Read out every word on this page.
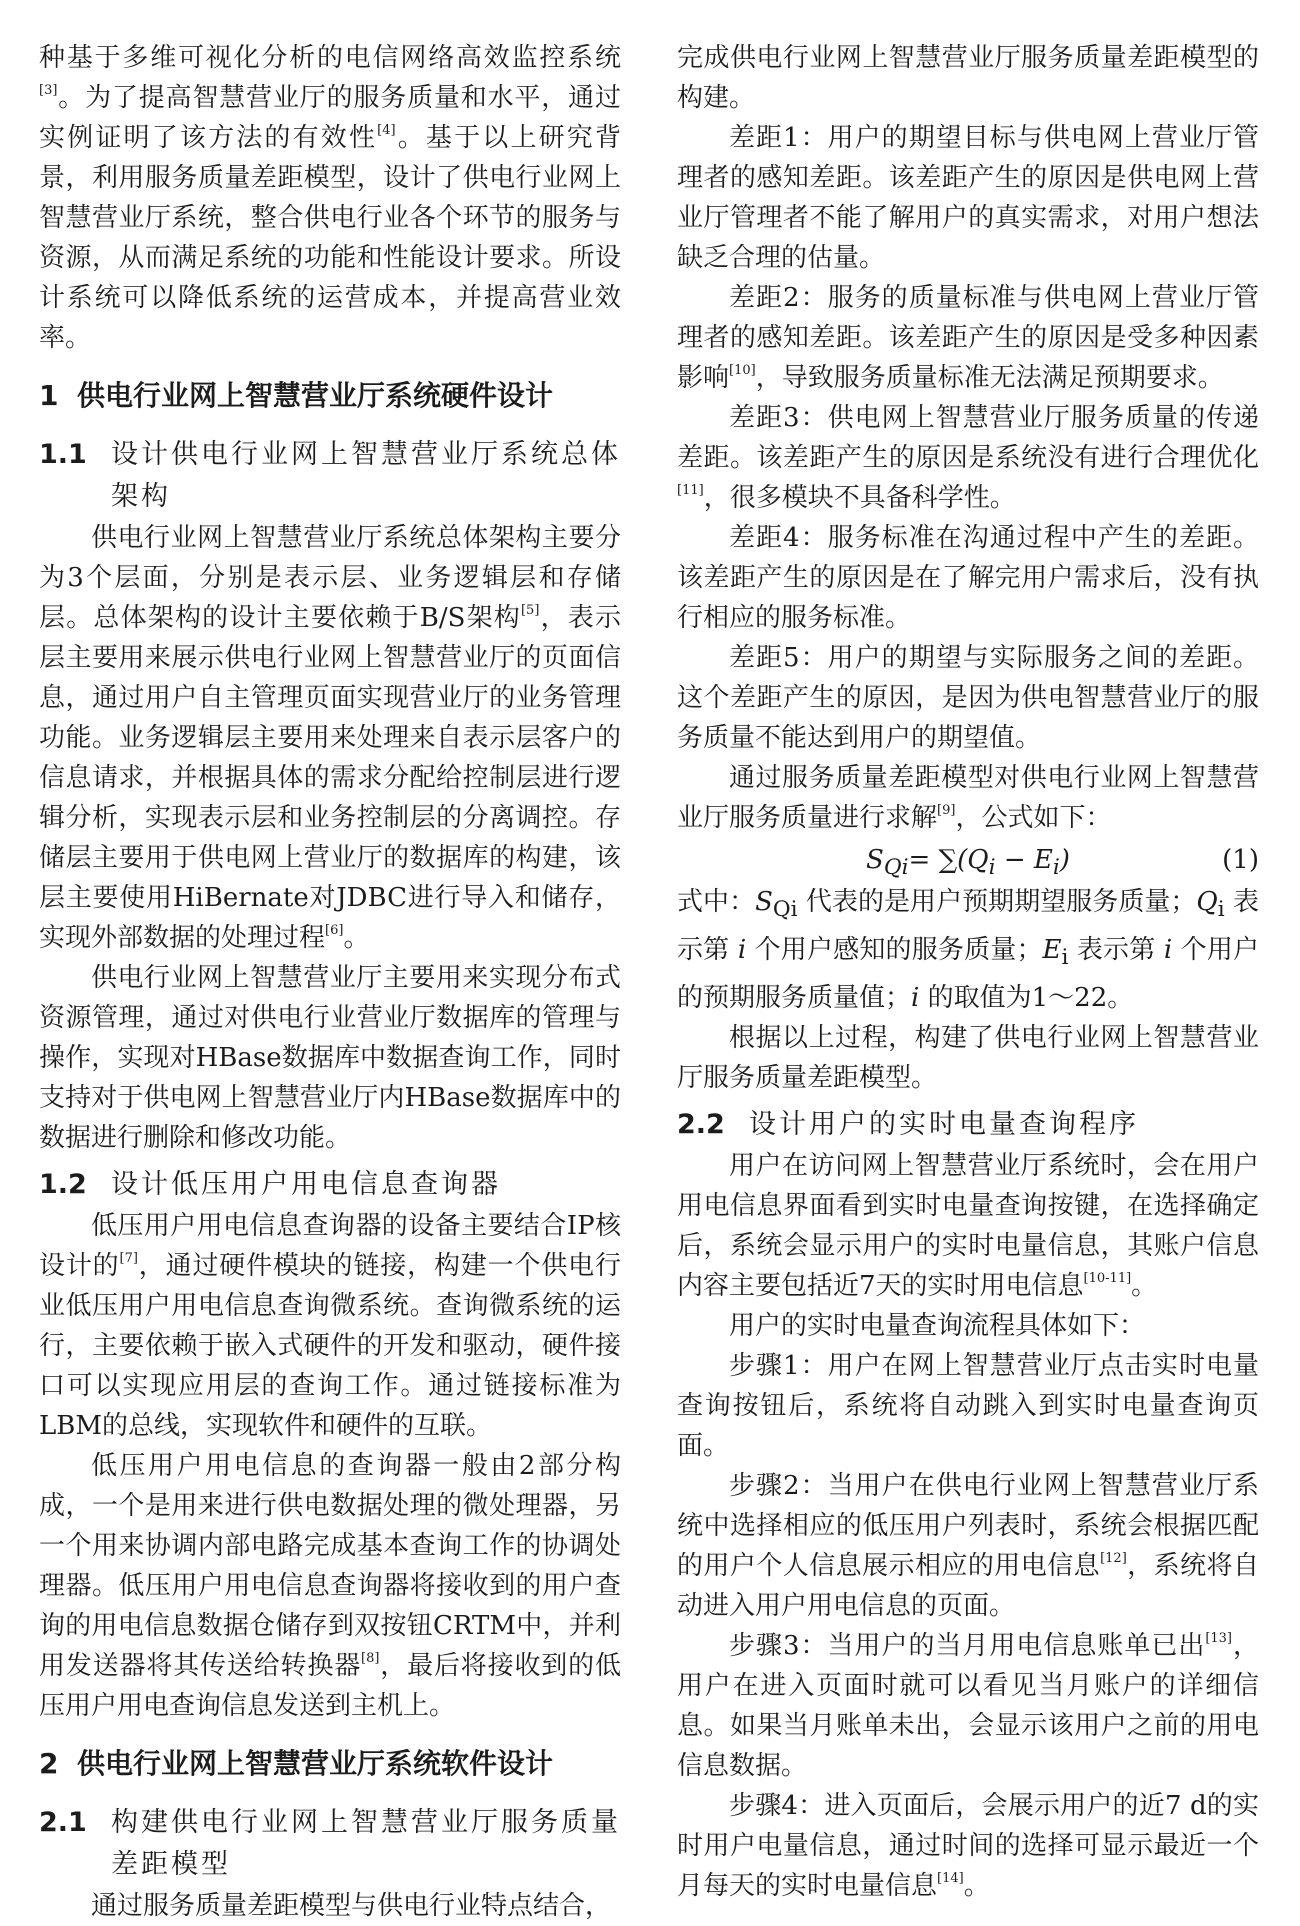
种基于多维可视化分析的电信网络高效监控系统[3]。为了提高智慧营业厅的服务质量和水平，通过实例证明了该方法的有效性[4]。基于以上研究背景，利用服务质量差距模型，设计了供电行业网上智慧营业厅系统，整合供电行业各个环节的服务与资源，从而满足系统的功能和性能设计要求。所设计系统可以降低系统的运营成本，并提高营业效率。

1 供电行业网上智慧营业厅系统硬件设计
1.1 设计供电行业网上智慧营业厅系统总体架构

供电行业网上智慧营业厅系统总体架构主要分为3个层面，分别是表示层、业务逻辑层和存储层。总体架构的设计主要依赖于B/S架构[5]，表示层主要用来展示供电行业网上智慧营业厅的页面信息，通过用户自主管理页面实现营业厅的业务管理功能。业务逻辑层主要用来处理来自表示层客户的信息请求，并根据具体的需求分配给控制层进行逻辑分析，实现表示层和业务控制层的分离调控。存储层主要用于供电网上营业厅的数据库的构建，该层主要使用HiBernate对JDBC进行导入和储存，实现外部数据的处理过程[6]。

供电行业网上智慧营业厅主要用来实现分布式资源管理，通过对供电行业营业厅数据库的管理与操作，实现对HBase数据库中数据查询工作，同时支持对于供电网上智慧营业厅内HBase数据库中的数据进行删除和修改功能。

1.2 设计低压用户用电信息查询器

低压用户用电信息查询器的设备主要结合IP核设计的[7]，通过硬件模块的链接，构建一个供电行业低压用户用电信息查询微系统。查询微系统的运行，主要依赖于嵌入式硬件的开发和驱动，硬件接口可以实现应用层的查询工作。通过链接标准为LBM的总线，实现软件和硬件的互联。

低压用户用电信息的查询器一般由2部分构成，一个是用来进行供电数据处理的微处理器，另一个用来协调内部电路完成基本查询工作的协调处理器。低压用户用电信息查询器将接收到的用户查询的用电信息数据仓储存到双按钮CRTM中，并利用发送器将其传送给转换器[8]，最后将接收到的低压用户用电查询信息发送到主机上。

2 供电行业网上智慧营业厅系统软件设计
2.1 构建供电行业网上智慧营业厅服务质量差距模型

通过服务质量差距模型与供电行业特点结合，

完成供电行业网上智慧营业厅服务质量差距模型的构建。

差距1：用户的期望目标与供电网上营业厅管理者的感知差距。该差距产生的原因是供电网上营业厅管理者不能了解用户的真实需求，对用户想法缺乏合理的估量。

差距2：服务的质量标准与供电网上营业厅管理者的感知差距。该差距产生的原因是受多种因素影响[10]，导致服务质量标准无法满足预期要求。

差距3：供电网上智慧营业厅服务质量的传递差距。该差距产生的原因是系统没有进行合理优化[11]，很多模块不具备科学性。

差距4：服务标准在沟通过程中产生的差距。该差距产生的原因是在了解完用户需求后，没有执行相应的服务标准。

差距5：用户的期望与实际服务之间的差距。这个差距产生的原因，是因为供电智慧营业厅的服务质量不能达到用户的期望值。

通过服务质量差距模型对供电行业网上智慧营业厅服务质量进行求解[9]，公式如下：

$S_{Qi}= \sum(Q_i - E_i)$	(1)

式中：$S_{Qi}$ 代表的是用户预期期望服务质量；$Q_i$ 表示第 i 个用户感知的服务质量；$E_i$ 表示第 i 个用户的预期服务质量值；i 的取值为1～22。

根据以上过程，构建了供电行业网上智慧营业厅服务质量差距模型。

2.2 设计用户的实时电量查询程序

用户在访问网上智慧营业厅系统时，会在用户用电信息界面看到实时电量查询按键，在选择确定后，系统会显示用户的实时电量信息，其账户信息内容主要包括近7天的实时用电信息[10-11]。

用户的实时电量查询流程具体如下：

步骤1：用户在网上智慧营业厅点击实时电量查询按钮后，系统将自动跳入到实时电量查询页面。

步骤2：当用户在供电行业网上智慧营业厅系统中选择相应的低压用户列表时，系统会根据匹配的用户个人信息展示相应的用电信息[12]，系统将自动进入用户用电信息的页面。

步骤3：当用户的当月用电信息账单已出[13]，用户在进入页面时就可以看见当月账户的详细信息。如果当月账单未出，会显示该用户之前的用电信息数据。

步骤4：进入页面后，会展示用户的近7 d的实时用户电量信息，通过时间的选择可显示最近一个月每天的实时电量信息[14]。
